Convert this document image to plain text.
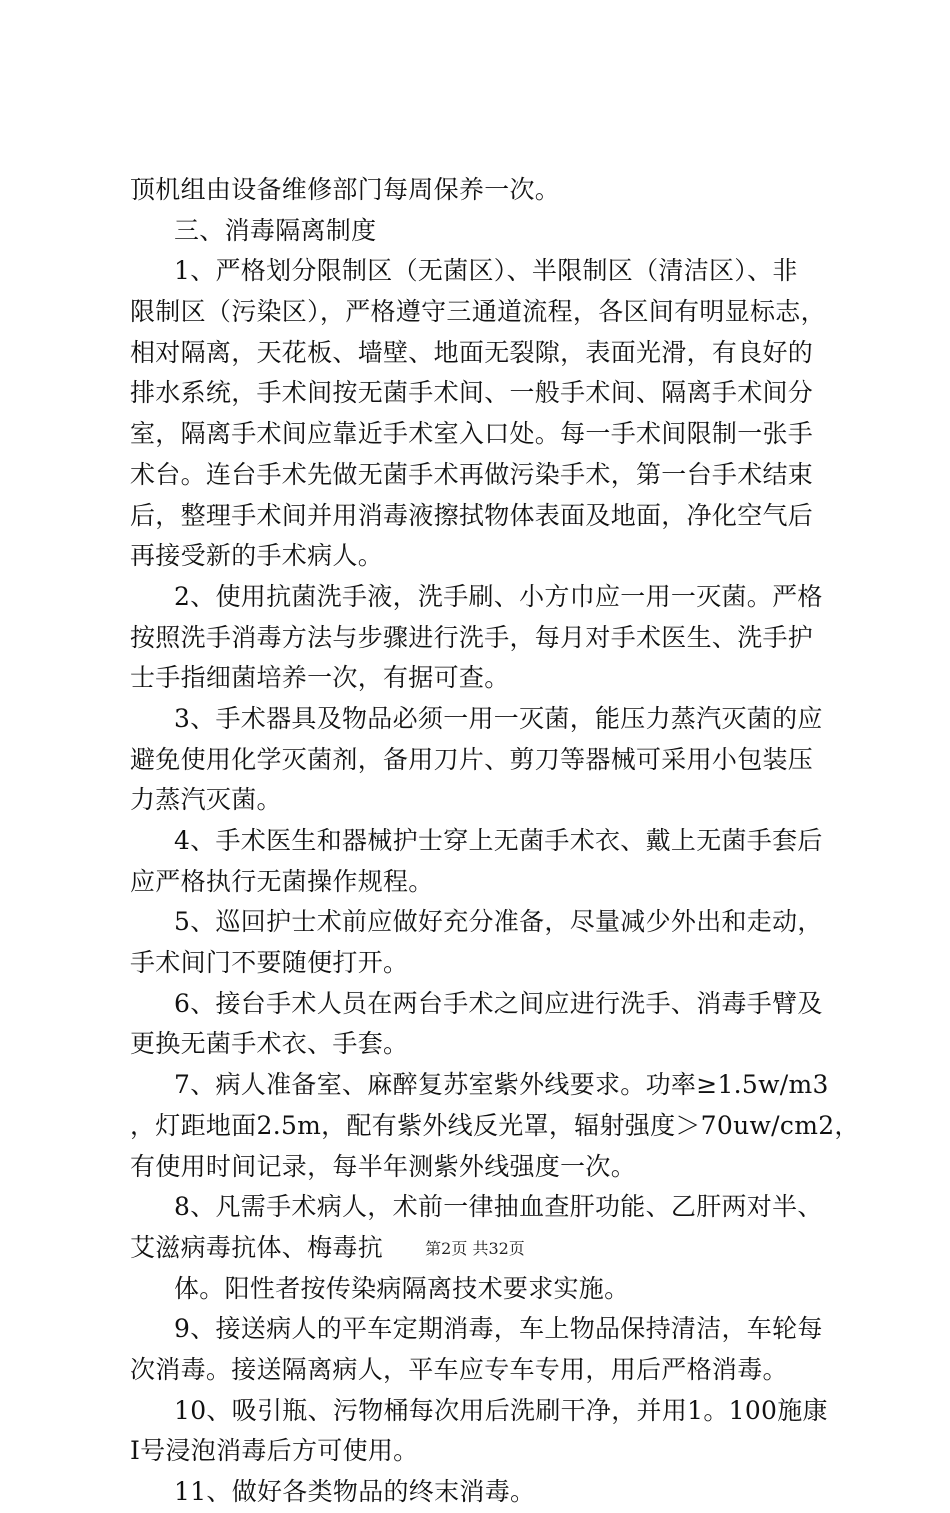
顶机组由设备维修部门每周保养一次。
三、消毒隔离制度
1、严格划分限制区（无菌区）、半限制区（清洁区）、非
限制区（污染区），严格遵守三通道流程，各区间有明显标志，
相对隔离，天花板、墙壁、地面无裂隙，表面光滑，有良好的
排水系统，手术间按无菌手术间、一般手术间、隔离手术间分
室，隔离手术间应靠近手术室入口处。每一手术间限制一张手
术台。连台手术先做无菌手术再做污染手术，第一台手术结束
后，整理手术间并用消毒液擦拭物体表面及地面，净化空气后
再接受新的手术病人。
2、使用抗菌洗手液，洗手刷、小方巾应一用一灭菌。严格
按照洗手消毒方法与步骤进行洗手，每月对手术医生、洗手护
士手指细菌培养一次，有据可查。
3、手术器具及物品必须一用一灭菌，能压力蒸汽灭菌的应
避免使用化学灭菌剂，备用刀片、剪刀等器械可采用小包装压
力蒸汽灭菌。
4、手术医生和器械护士穿上无菌手术衣、戴上无菌手套后
应严格执行无菌操作规程。
5、巡回护士术前应做好充分准备，尽量减少外出和走动，
手术间门不要随便打开。
6、接台手术人员在两台手术之间应进行洗手、消毒手臂及
更换无菌手术衣、手套。
7、病人准备室、麻醉复苏室紫外线要求。功率≥1.5w/m3
，灯距地面2.5m，配有紫外线反光罩，辐射强度＞70uw/cm2，
有使用时间记录，每半年测紫外线强度一次。
8、凡需手术病人，术前一律抽血查肝功能、乙肝两对半、
艾滋病毒抗体、梅毒抗
体。阳性者按传染病隔离技术要求实施。
9、接送病人的平车定期消毒，车上物品保持清洁，车轮每
次消毒。接送隔离病人，平车应专车专用，用后严格消毒。
10、吸引瓶、污物桶每次用后洗刷干净，并用1。100施康
Ⅰ号浸泡消毒后方可使用。
11、做好各类物品的终末消毒。
第2页 共32页
